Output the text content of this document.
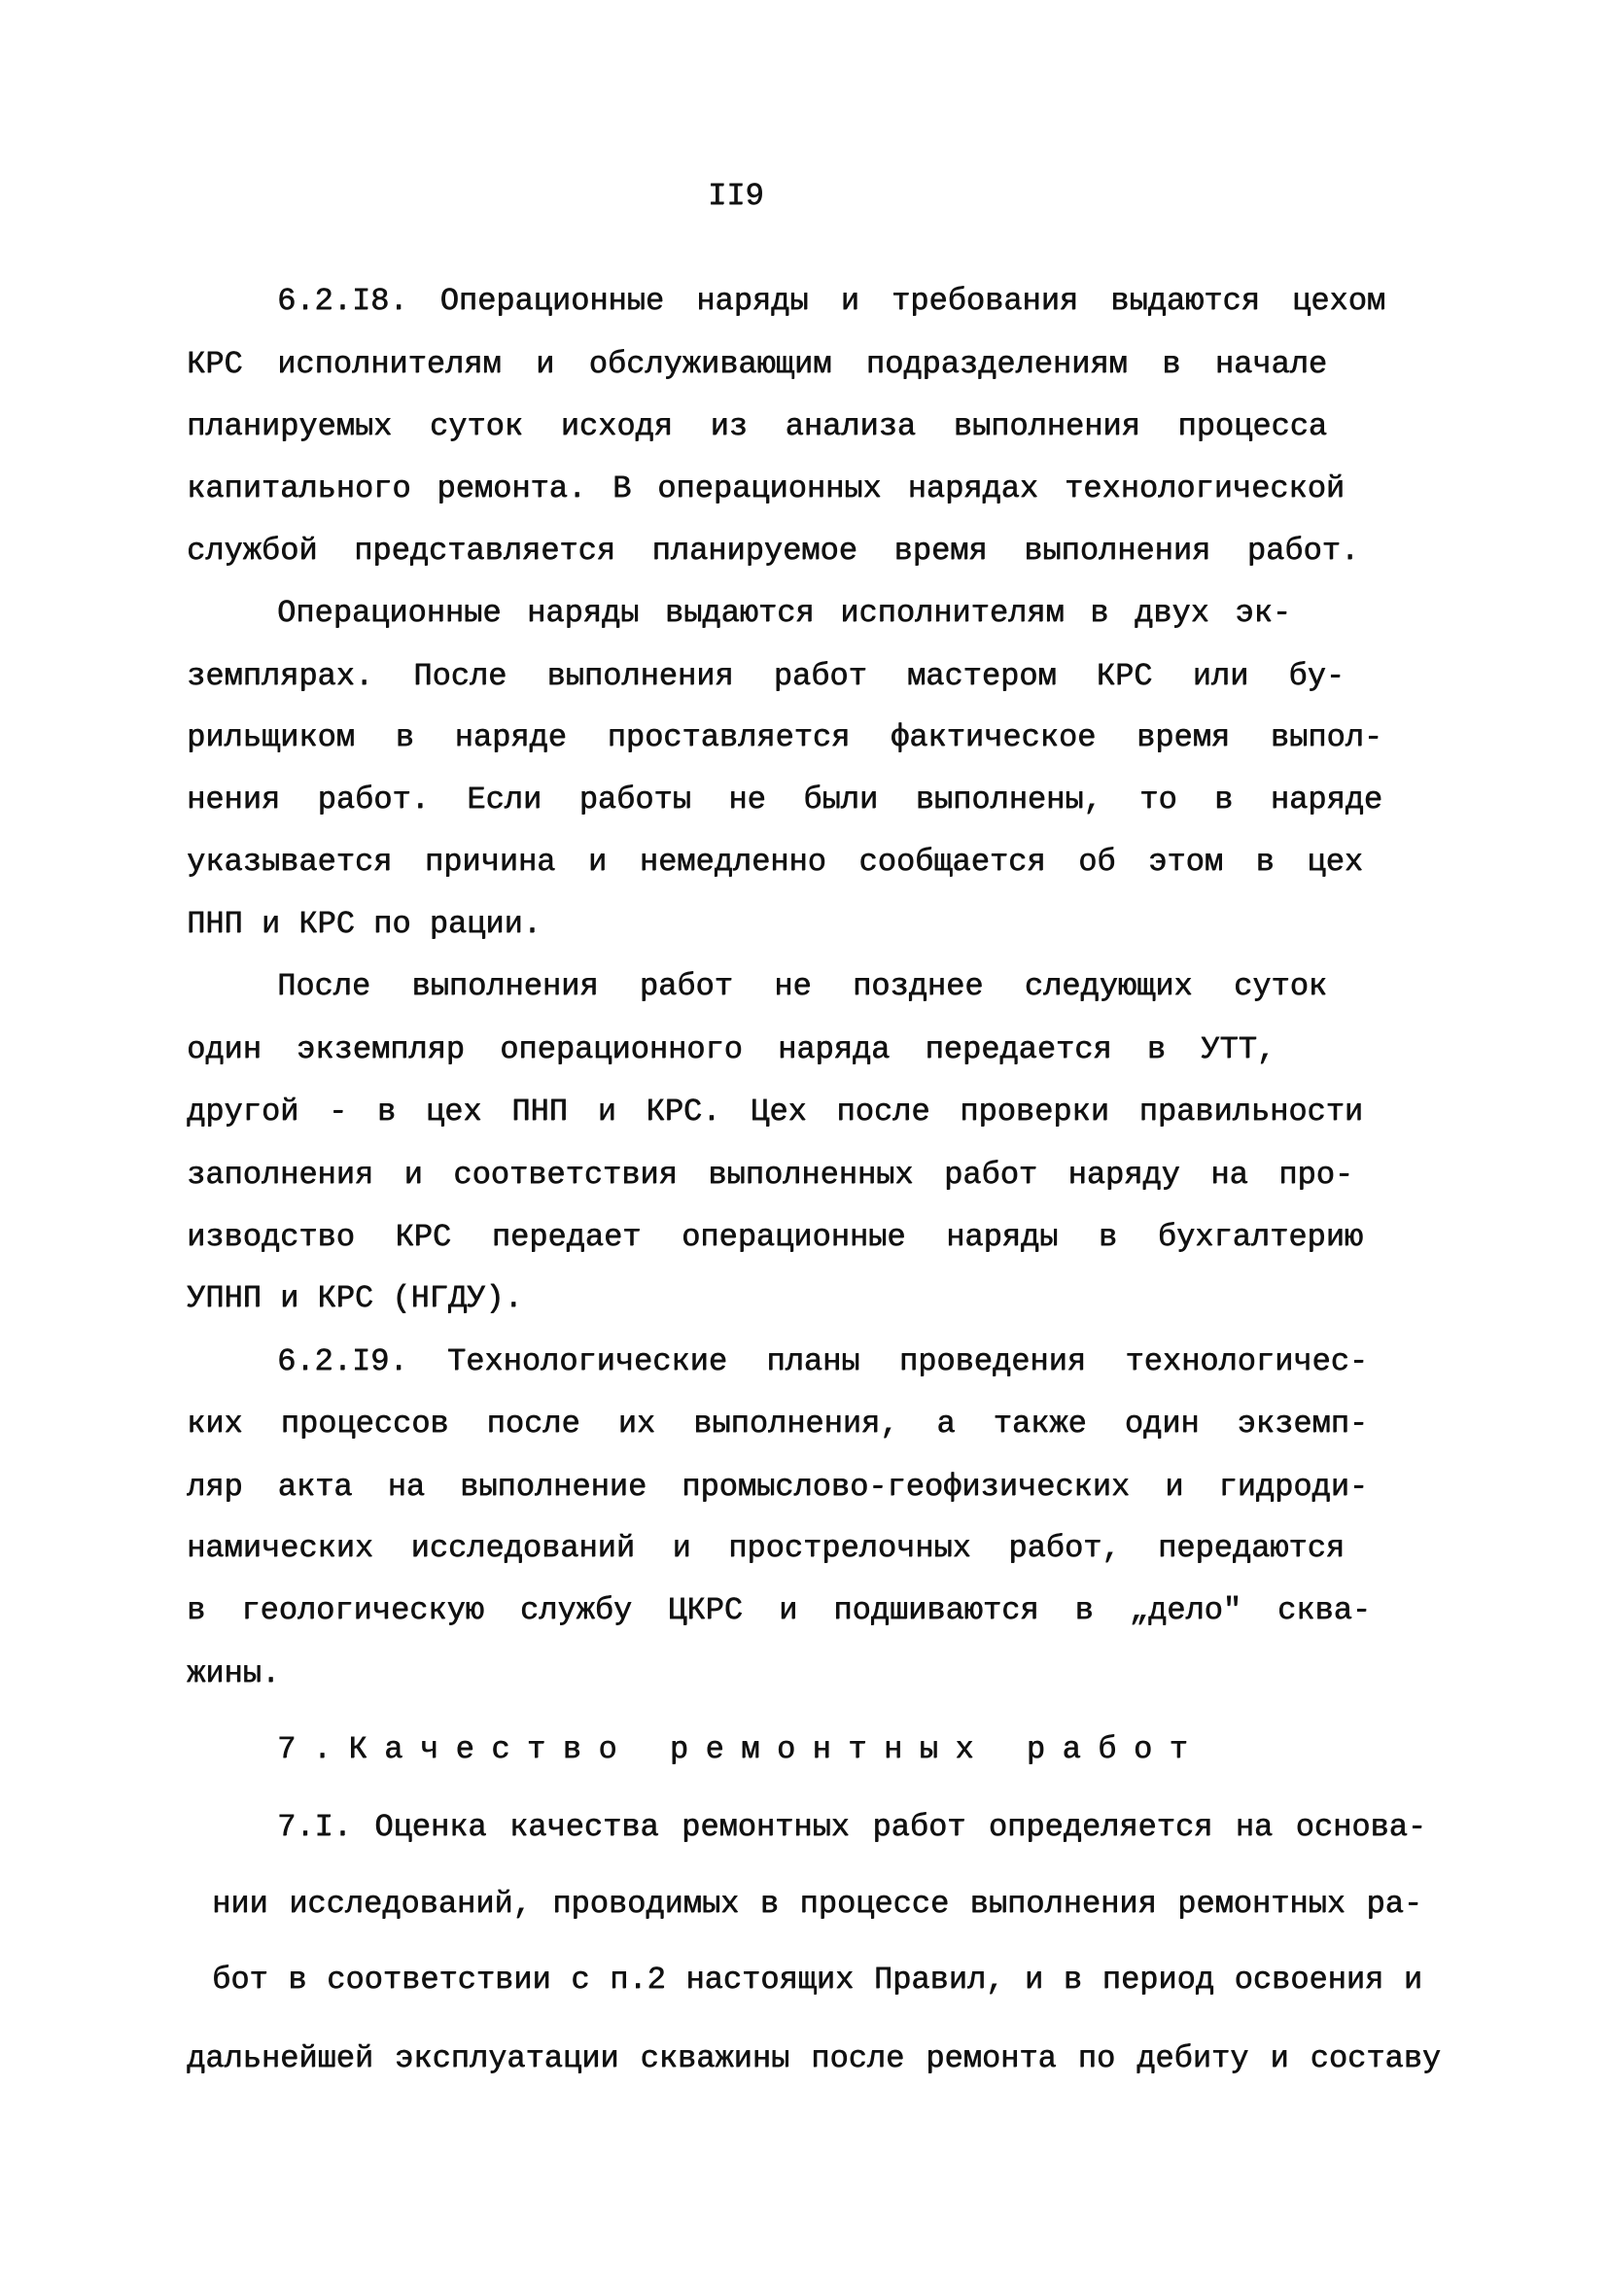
II9
6.2.I8. Операционные наряды и требования выдаются цехом
КРС исполнителям и обслуживающим подразделениям в начале
планируемых суток исходя из анализа выполнения процесса
капитального ремонта. В операционных нарядах технологической
службой представляется планируемое время выполнения работ.
Операционные наряды выдаются исполнителям в двух эк-
земплярах. После выполнения работ мастером КРС или бу-
рильщиком в наряде проставляется фактическое время выпол-
нения работ. Если работы не были выполнены, то в наряде
указывается причина и немедленно сообщается об этом в цех
ПНП и КРС по рации.
После выполнения работ не позднее следующих суток
один экземпляр операционного наряда передается в УТТ,
другой - в цех ПНП и КРС. Цех после проверки правильности
заполнения и соответствия выполненных работ наряду на про-
изводство КРС передает операционные наряды в бухгалтерию
УПНП и КРС (НГДУ).
6.2.I9. Технологические планы проведения технологичес-
ких процессов после их выполнения, а также один экземп-
ляр акта на выполнение промыслово-геофизических и гидроди-
намических исследований и прострелочных работ, передаются
в геологическую службу ЦКРС и подшиваются в „дело" сква-
жины.
7.Качество ремонтных работ
7.I. Оценка качества ремонтных работ определяется на основа-
нии исследований, проводимых в процессе выполнения ремонтных ра-
бот в соответствии с п.2 настоящих Правил, и в период освоения и
дальнейшей эксплуатации скважины после ремонта по дебиту и составу
